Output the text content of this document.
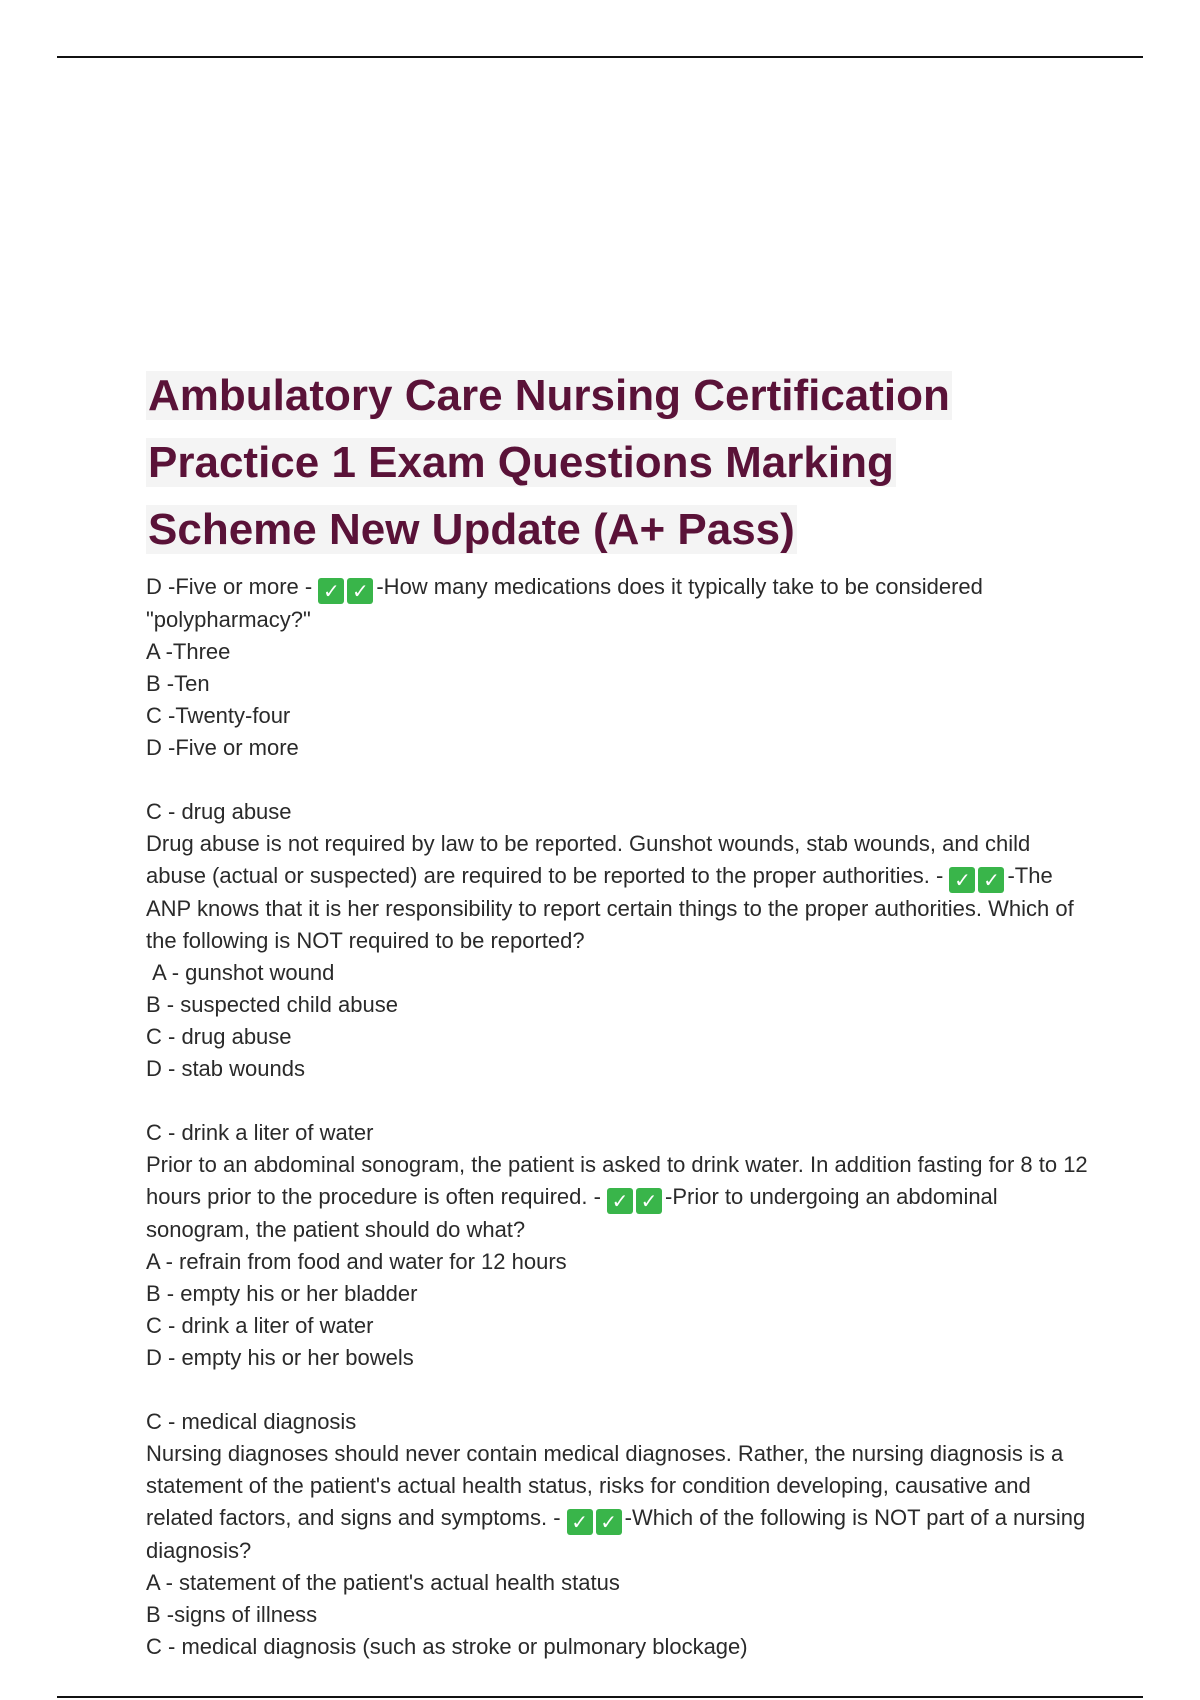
Ambulatory Care Nursing Certification
Practice 1 Exam Questions Marking
Scheme New Update (A+ Pass)
D -Five or more - ✓ ✓ -How many medications does it typically take to be considered "polypharmacy?"
A -Three
B -Ten
C -Twenty-four
D -Five or more
C - drug abuse
Drug abuse is not required by law to be reported. Gunshot wounds, stab wounds, and child abuse (actual or suspected) are required to be reported to the proper authorities. - ✓ ✓ -The ANP knows that it is her responsibility to report certain things to the proper authorities. Which of the following is NOT required to be reported?
A - gunshot wound
B - suspected child abuse
C - drug abuse
D - stab wounds
C - drink a liter of water
Prior to an abdominal sonogram, the patient is asked to drink water. In addition fasting for 8 to 12 hours prior to the procedure is often required. - ✓ ✓ -Prior to undergoing an abdominal sonogram, the patient should do what?
A - refrain from food and water for 12 hours
B - empty his or her bladder
C - drink a liter of water
D - empty his or her bowels
C - medical diagnosis
Nursing diagnoses should never contain medical diagnoses. Rather, the nursing diagnosis is a statement of the patient's actual health status, risks for condition developing, causative and related factors, and signs and symptoms. - ✓ ✓ -Which of the following is NOT part of a nursing diagnosis?
A - statement of the patient's actual health status
B -signs of illness
C - medical diagnosis (such as stroke or pulmonary blockage)
